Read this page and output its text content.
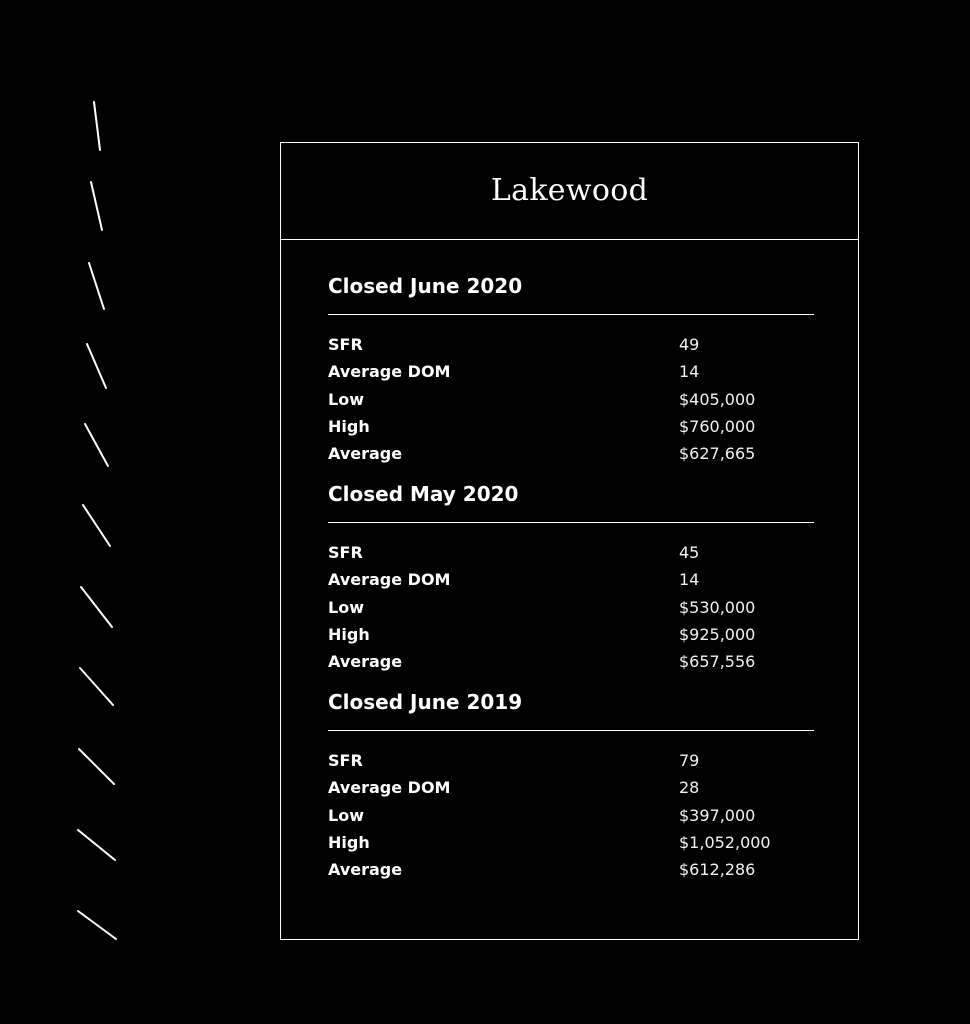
Lakewood
Closed June 2020
SFR	49
Average DOM	14
Low	$405,000
High	$760,000
Average	$627,665
Closed May 2020
SFR	45
Average DOM	14
Low	$530,000
High	$925,000
Average	$657,556
Closed June 2019
SFR	79
Average DOM	28
Low	$397,000
High	$1,052,000
Average	$612,286
